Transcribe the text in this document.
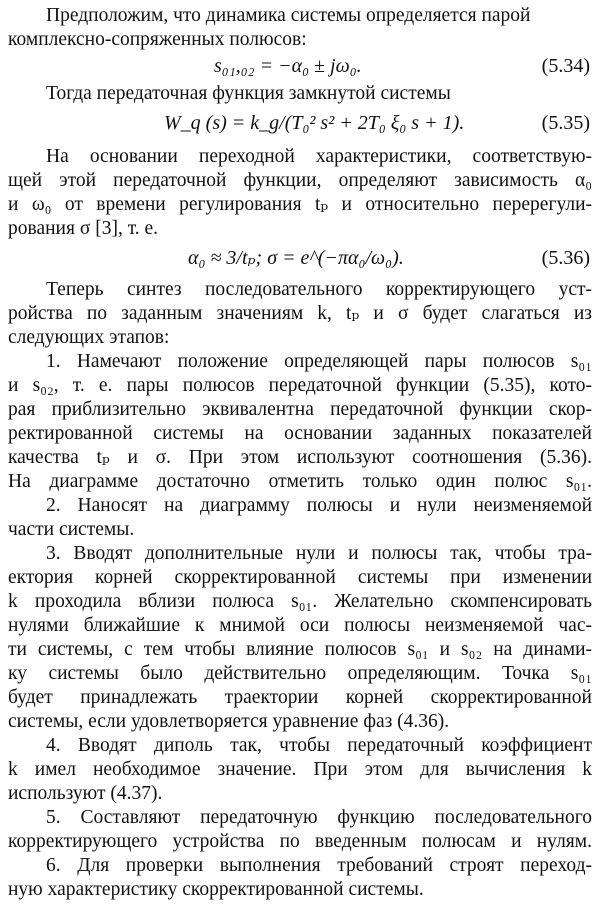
Предположим, что динамика системы определяется парой
комплексно-сопряженных полюсов:
s₀₁,₀₂ = −α₀ ± jω₀.	(5.34)
Тогда передаточная функция замкнутой системы
W_q (s) = k_g/(T₀² s² + 2T₀ ξ₀ s + 1).	(5.35)
На основании переходной характеристики, соответствую-
щей этой передаточной функции, определяют зависимость α₀
и ω₀ от времени регулирования tₚ и относительно перерегули-
рования σ [3], т. е.
α₀ ≈ 3/tₚ; σ = e^(−πα₀/ω₀).	(5.36)
Теперь синтез последовательного корректирующего уст-
ройства по заданным значениям k, tₚ и σ будет слагаться из
следующих этапов:
1. Намечают положение определяющей пары полюсов s₀₁
и s₀₂, т. е. пары полюсов передаточной функции (5.35), кото-
рая приблизительно эквивалентна передаточной функции скор-
ректированной системы на основании заданных показателей
качества tₚ и σ. При этом используют соотношения (5.36).
На диаграмме достаточно отметить только один полюс s₀₁.
2. Наносят на диаграмму полюсы и нули неизменяемой
части системы.
3. Вводят дополнительные нули и полюсы так, чтобы тра-
ектория корней скорректированной системы при изменении
k проходила вблизи полюса s₀₁. Желательно скомпенсировать
нулями ближайшие к мнимой оси полюсы неизменяемой час-
ти системы, с тем чтобы влияние полюсов s₀₁ и s₀₂ на динами-
ку системы было действительно определяющим. Точка s₀₁
будет принадлежать траектории корней скорректированной
системы, если удовлетворяется уравнение фаз (4.36).
4. Вводят диполь так, чтобы передаточный коэффициент
k имел необходимое значение. При этом для вычисления k
используют (4.37).
5. Составляют передаточную функцию последовательного
корректирующего устройства по введенным полюсам и нулям.
6. Для проверки выполнения требований строят переход-
ную характеристику скорректированной системы.
